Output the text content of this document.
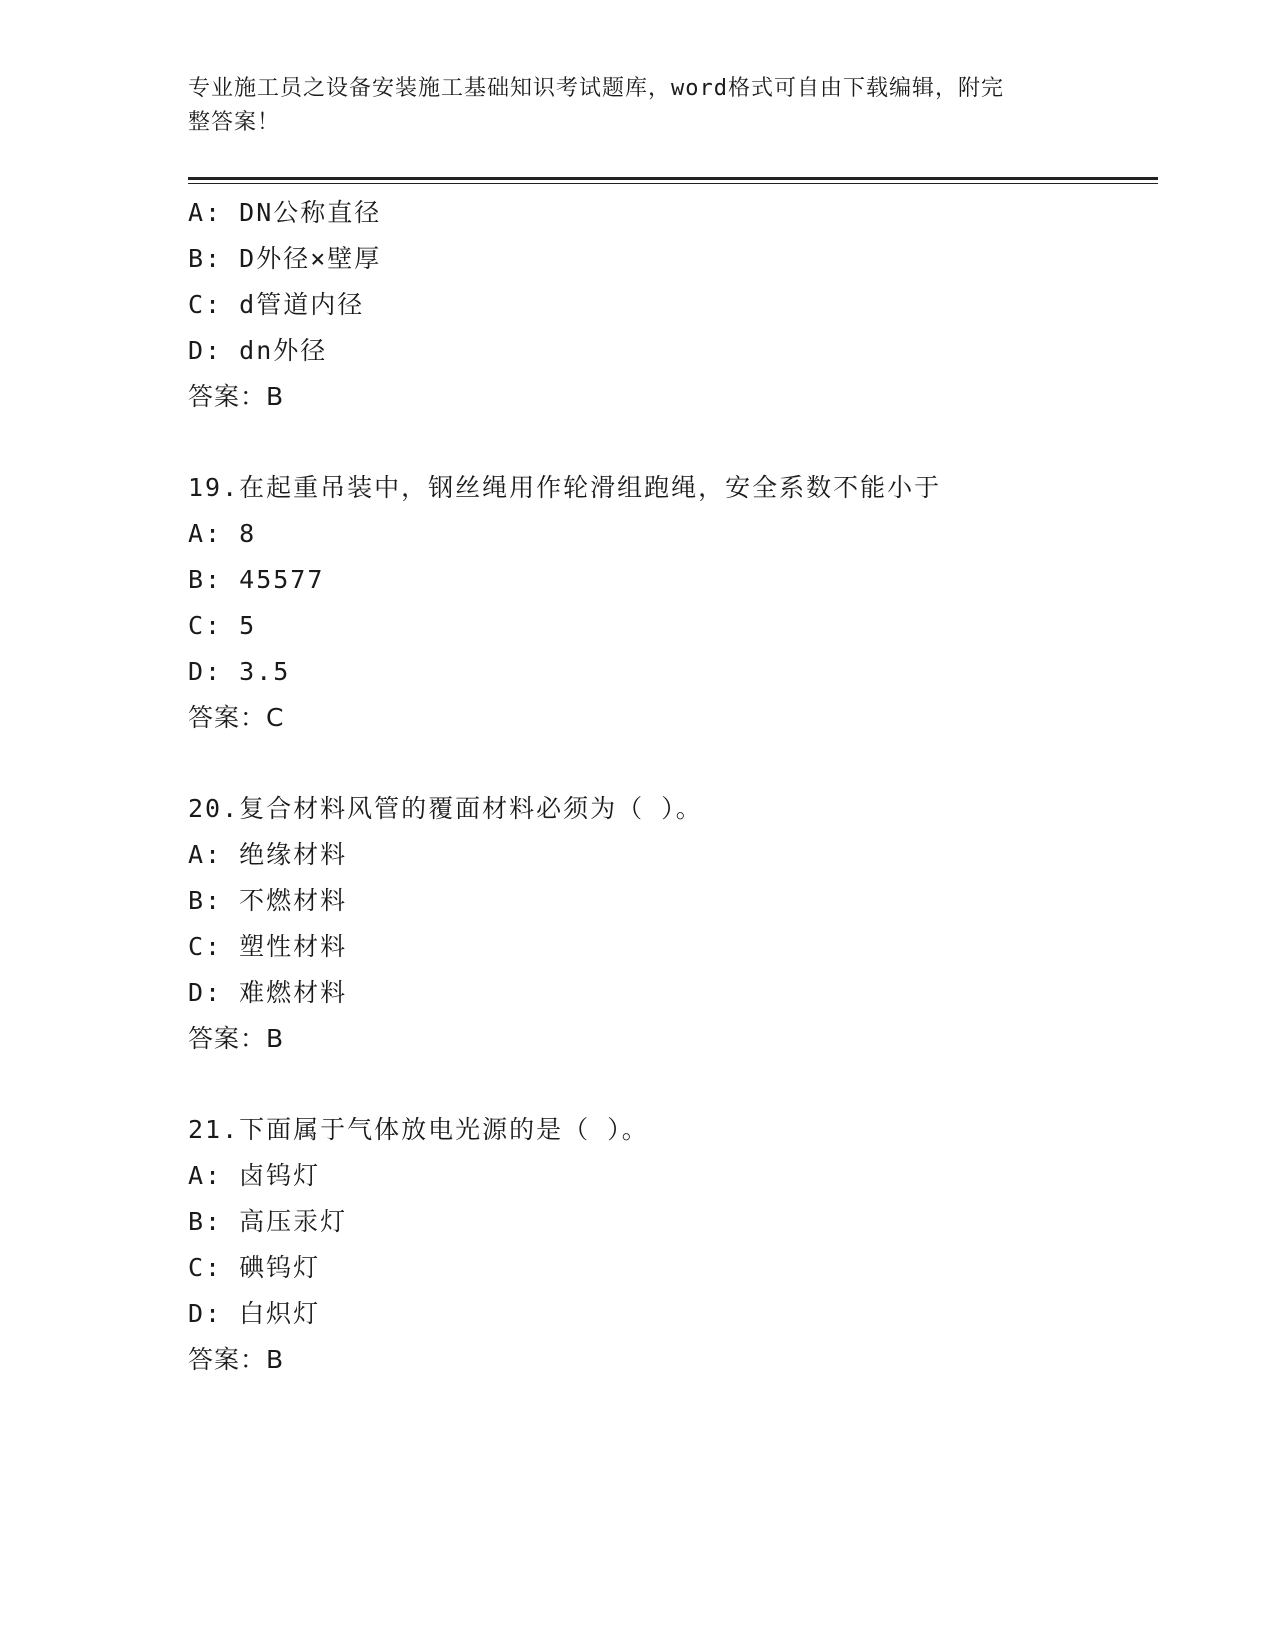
专业施工员之设备安装施工基础知识考试题库，word格式可自由下载编辑，附完
整答案！
A: DN公称直径
B: D外径×壁厚
C: d管道内径
D: dn外径
答案：B
19.在起重吊装中，钢丝绳用作轮滑组跑绳，安全系数不能小于
A: 8
B: 45577
C: 5
D: 3.5
答案：C
20.复合材料风管的覆面材料必须为（ ）。
A: 绝缘材料
B: 不燃材料
C: 塑性材料
D: 难燃材料
答案：B
21.下面属于气体放电光源的是（ ）。
A: 卤钨灯
B: 高压汞灯
C: 碘钨灯
D: 白炽灯
答案：B
